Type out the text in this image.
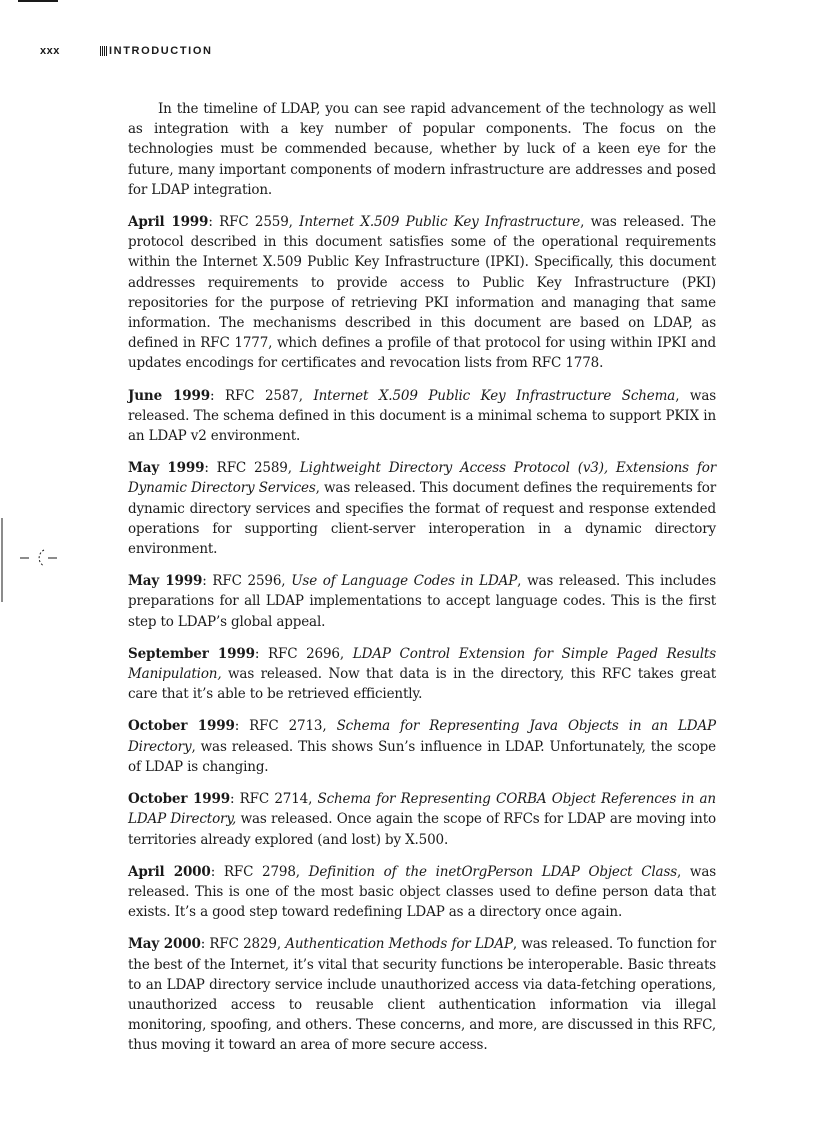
xxx	INTRODUCTION

In the timeline of LDAP, you can see rapid advancement of the technology as well as integration with a key number of popular components. The focus on the technologies must be commended because, whether by luck of a keen eye for the future, many important components of modern infrastructure are addresses and posed for LDAP integration.

April 1999: RFC 2559, Internet X.509 Public Key Infrastructure, was released. The protocol described in this document satisfies some of the operational requirements within the Internet X.509 Public Key Infrastructure (IPKI). Specifically, this document addresses requirements to provide access to Public Key Infrastructure (PKI) repositories for the purpose of retrieving PKI information and managing that same information. The mechanisms described in this document are based on LDAP, as defined in RFC 1777, which defines a profile of that protocol for using within IPKI and updates encodings for certificates and revocation lists from RFC 1778.

June 1999: RFC 2587, Internet X.509 Public Key Infrastructure Schema, was released. The schema defined in this document is a minimal schema to support PKIX in an LDAP v2 environment.

May 1999: RFC 2589, Lightweight Directory Access Protocol (v3), Extensions for Dynamic Directory Services, was released. This document defines the requirements for dynamic directory services and specifies the format of request and response extended operations for supporting client-server interoperation in a dynamic directory environment.

May 1999: RFC 2596, Use of Language Codes in LDAP, was released. This includes preparations for all LDAP implementations to accept language codes. This is the first step to LDAP’s global appeal.

September 1999: RFC 2696, LDAP Control Extension for Simple Paged Results Manipulation, was released. Now that data is in the directory, this RFC takes great care that it’s able to be retrieved efficiently.

October 1999: RFC 2713, Schema for Representing Java Objects in an LDAP Directory, was released. This shows Sun’s influence in LDAP. Unfortunately, the scope of LDAP is changing.

October 1999: RFC 2714, Schema for Representing CORBA Object References in an LDAP Directory, was released. Once again the scope of RFCs for LDAP are moving into territories already explored (and lost) by X.500.

April 2000: RFC 2798, Definition of the inetOrgPerson LDAP Object Class, was released. This is one of the most basic object classes used to define person data that exists. It’s a good step toward redefining LDAP as a directory once again.

May 2000: RFC 2829, Authentication Methods for LDAP, was released. To function for the best of the Internet, it’s vital that security functions be interoperable. Basic threats to an LDAP directory service include unauthorized access via data-fetching operations, unauthorized access to reusable client authentication information via illegal monitoring, spoofing, and others. These concerns, and more, are discussed in this RFC, thus moving it toward an area of more secure access.
